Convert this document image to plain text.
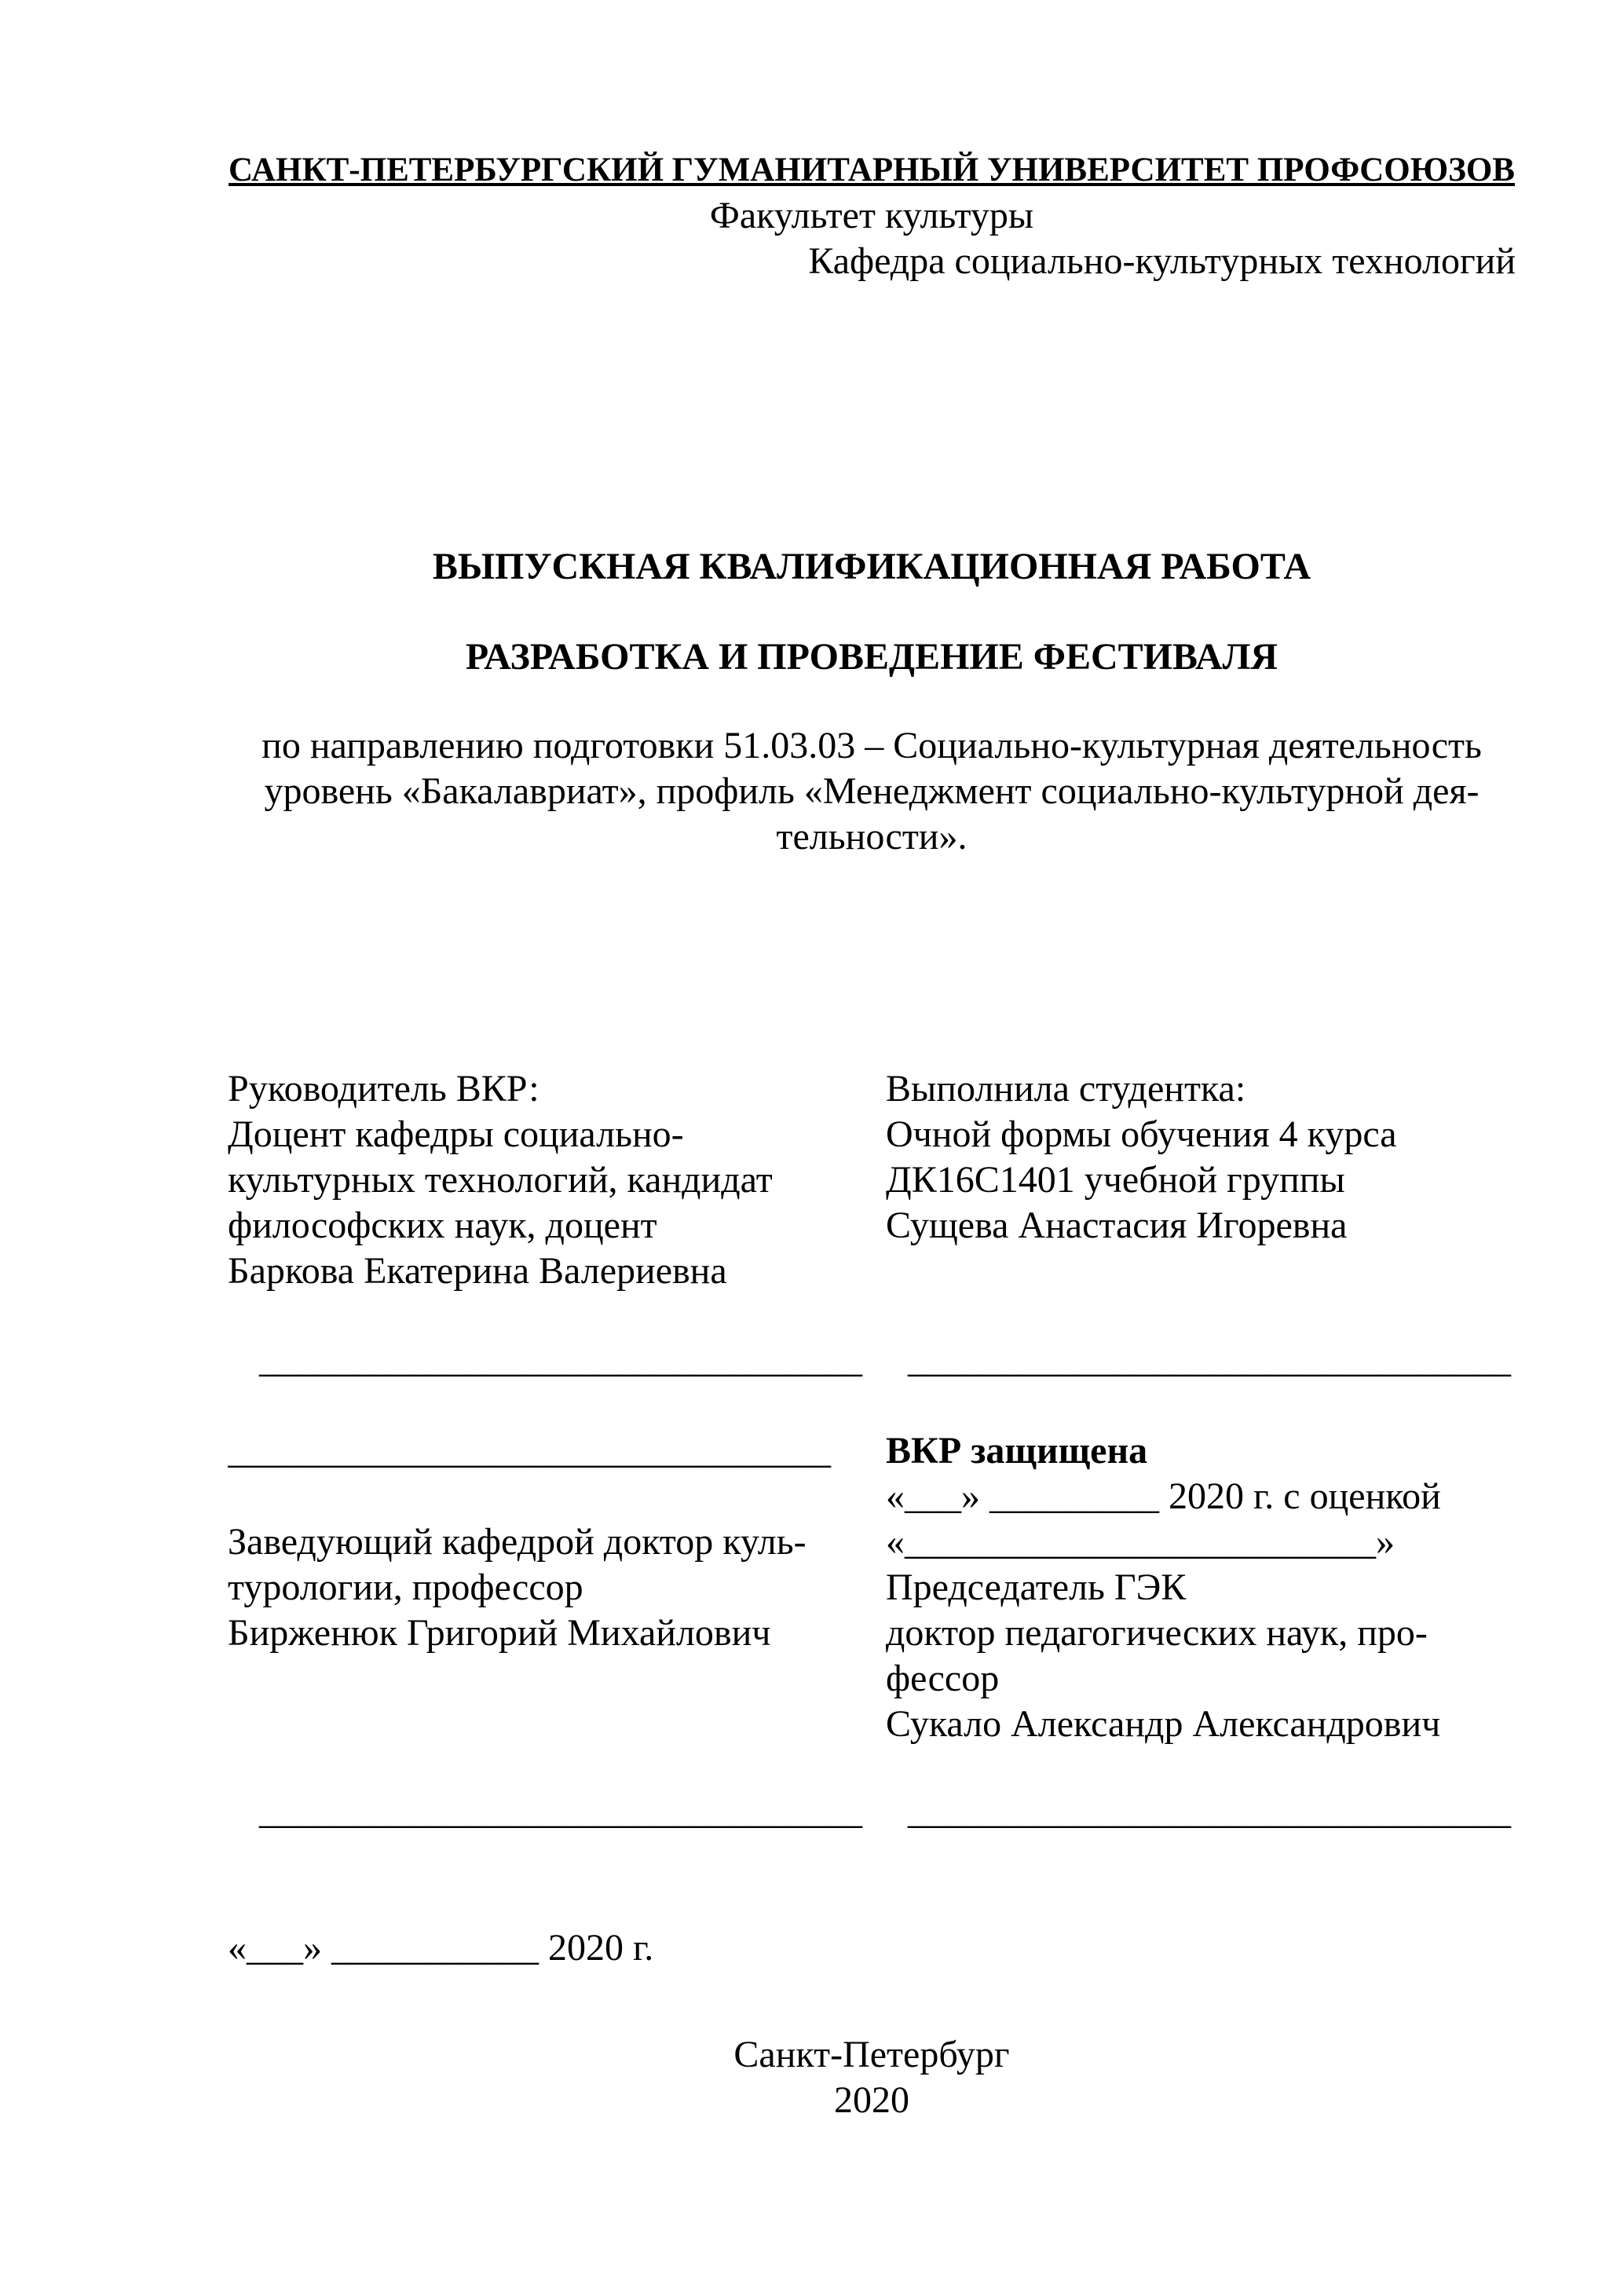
САНКТ-ПЕТЕРБУРГСКИЙ ГУМАНИТАРНЫЙ УНИВЕРСИТЕТ ПРОФСОЮЗОВ
Факультет культуры
Кафедра социально-культурных технологий
ВЫПУСКНАЯ КВАЛИФИКАЦИОННАЯ РАБОТА
РАЗРАБОТКА И ПРОВЕДЕНИЕ ФЕСТИВАЛЯ
по направлению подготовки 51.03.03 – Социально-культурная деятельность
уровень «Бакалавриат», профиль «Менеджмент социально-культурной дея-
тельности».
Руководитель ВКР:
Доцент кафедры социально-
культурных технологий, кандидат
философских наук, доцент
Баркова Екатерина Валериевна
Выполнила студентка:
Очной формы обучения 4 курса
ДК16С1401 учебной группы
Сущева Анастасия Игоревна
________________________________	________________________________
________________________________
Заведующий кафедрой доктор куль-
турологии, профессор
Бирженюк Григорий Михайлович
ВКР защищена
«___» _________ 2020 г. с оценкой
«_________________________»
Председатель ГЭК
доктор педагогических наук, про-
фессор
Сукало Александр Александрович
________________________________	________________________________
«___» ___________ 2020 г.
Санкт-Петербург
2020
